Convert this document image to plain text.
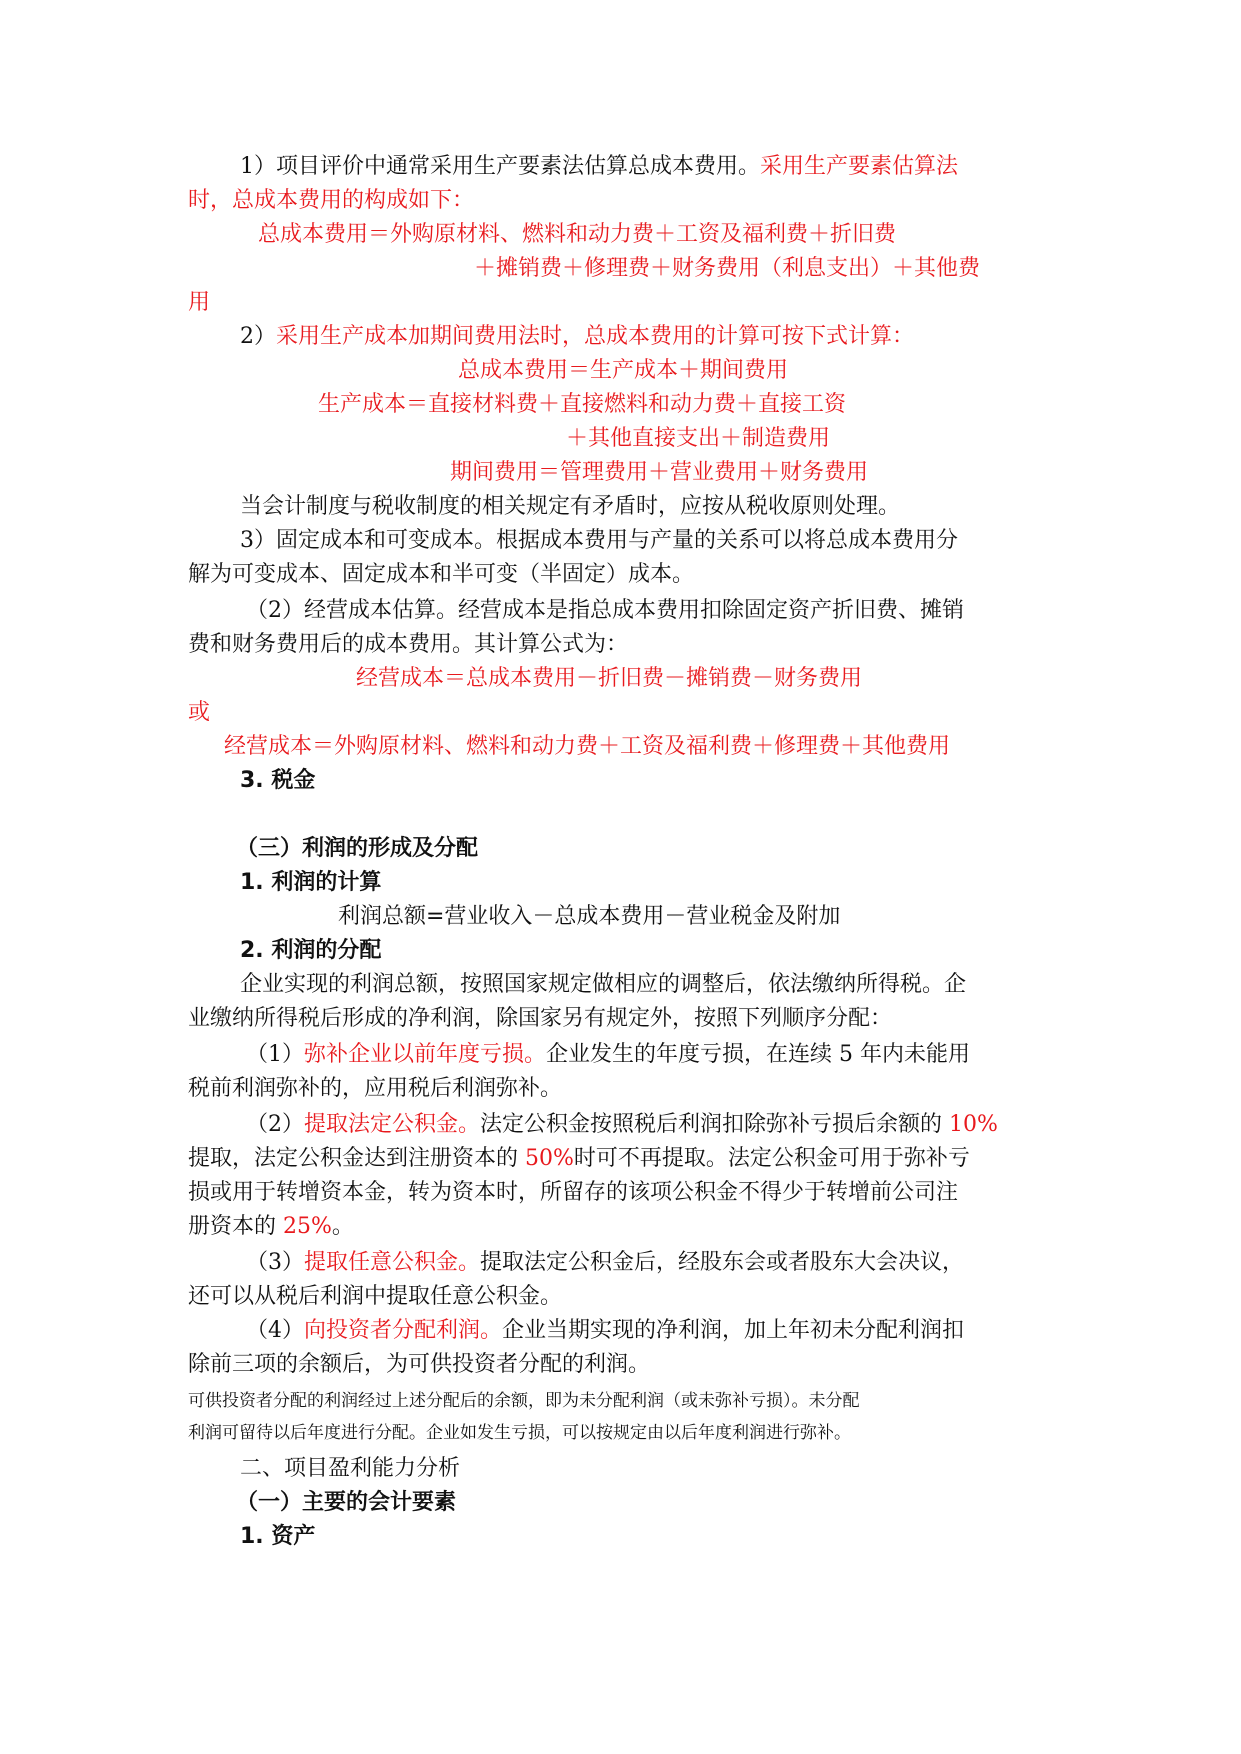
1）项目评价中通常采用生产要素法估算总成本费用。采用生产要素估算法
时，总成本费用的构成如下：
总成本费用＝外购原材料、燃料和动力费＋工资及福利费＋折旧费
＋摊销费＋修理费＋财务费用（利息支出）＋其他费
用
2）采用生产成本加期间费用法时，总成本费用的计算可按下式计算：
总成本费用＝生产成本＋期间费用
生产成本＝直接材料费＋直接燃料和动力费＋直接工资
＋其他直接支出＋制造费用
期间费用＝管理费用＋营业费用＋财务费用
当会计制度与税收制度的相关规定有矛盾时，应按从税收原则处理。
3）固定成本和可变成本。根据成本费用与产量的关系可以将总成本费用分
解为可变成本、固定成本和半可变（半固定）成本。
（2）经营成本估算。经营成本是指总成本费用扣除固定资产折旧费、摊销
费和财务费用后的成本费用。其计算公式为：
经营成本＝总成本费用－折旧费－摊销费－财务费用
或
经营成本＝外购原材料、燃料和动力费＋工资及福利费＋修理费＋其他费用
3. 税金
（三）利润的形成及分配
1. 利润的计算
利润总额=营业收入－总成本费用－营业税金及附加
2. 利润的分配
企业实现的利润总额，按照国家规定做相应的调整后，依法缴纳所得税。企
业缴纳所得税后形成的净利润，除国家另有规定外，按照下列顺序分配：
（1）弥补企业以前年度亏损。企业发生的年度亏损，在连续 5 年内未能用
税前利润弥补的，应用税后利润弥补。
（2）提取法定公积金。法定公积金按照税后利润扣除弥补亏损后余额的 10%
提取，法定公积金达到注册资本的 50%时可不再提取。法定公积金可用于弥补亏
损或用于转增资本金，转为资本时，所留存的该项公积金不得少于转增前公司注
册资本的 25%。
（3）提取任意公积金。提取法定公积金后，经股东会或者股东大会决议，
还可以从税后利润中提取任意公积金。
（4）向投资者分配利润。企业当期实现的净利润，加上年初未分配利润扣
除前三项的余额后，为可供投资者分配的利润。
可供投资者分配的利润经过上述分配后的余额，即为未分配利润（或未弥补亏损）。未分配
利润可留待以后年度进行分配。企业如发生亏损，可以按规定由以后年度利润进行弥补。
二、项目盈利能力分析
（一）主要的会计要素
1. 资产
